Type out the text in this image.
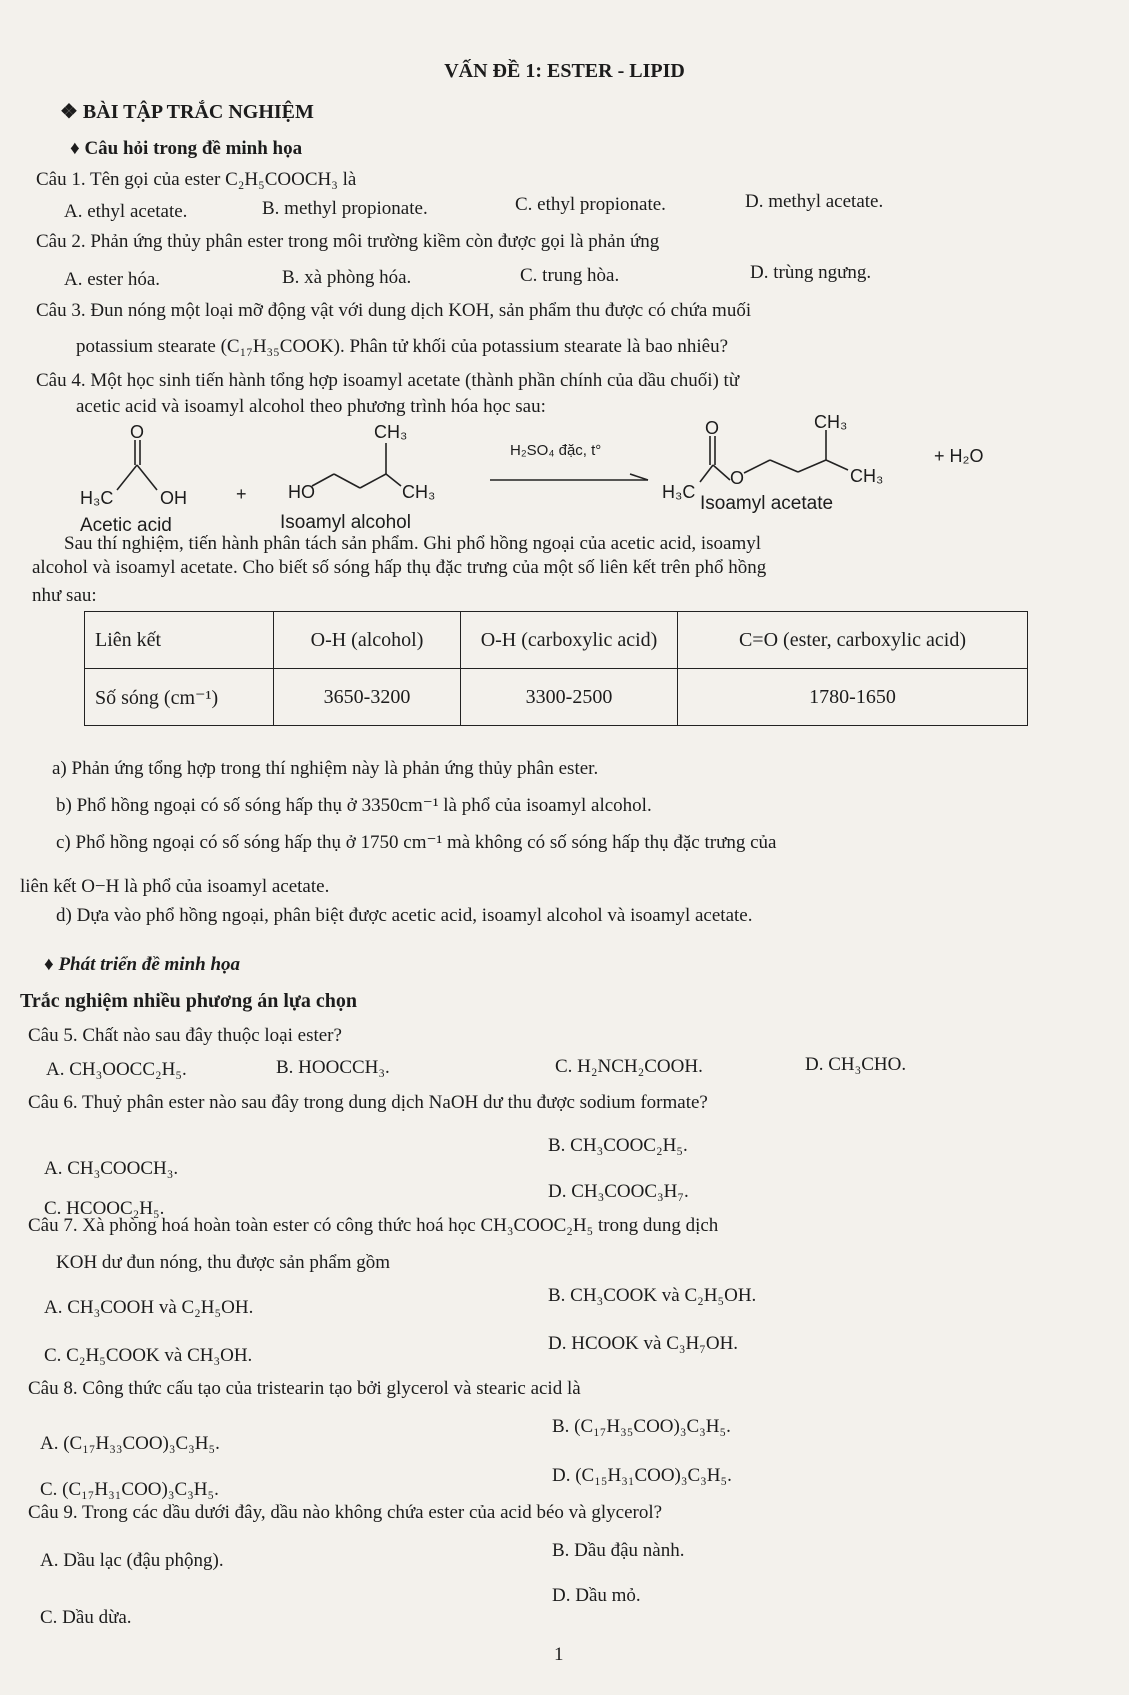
VẤN ĐỀ 1: ESTER - LIPID
❖ BÀI TẬP TRẮC NGHIỆM
♦ Câu hỏi trong đề minh họa
Câu 1. Tên gọi của ester C₂H₅COOCH₃ là
A. ethyl acetate.	B. methyl propionate.	C. ethyl propionate.	D. methyl acetate.
Câu 2. Phản ứng thủy phân ester trong môi trường kiềm còn được gọi là phản ứng
A. ester hóa.	B. xà phòng hóa.	C. trung hòa.	D. trùng ngưng.
Câu 3. Đun nóng một loại mỡ động vật với dung dịch KOH, sản phẩm thu được có chứa muối
potassium stearate (C₁₇H₃₅COOK). Phân tử khối của potassium stearate là bao nhiêu?
Câu 4. Một học sinh tiến hành tổng hợp isoamyl acetate (thành phần chính của dầu chuối) từ
acetic acid và isoamyl alcohol theo phương trình hóa học sau:
O
H₃C	OH	+ HO
CH₃
CH₃
H₂SO₄ đặc, t°
O
H₃C
O
CH₃
CH₃
+ H₂O
Acetic acid	Isoamyl alcohol
Isoamyl acetate
Sau thí nghiệm, tiến hành phân tách sản phẩm. Ghi phổ hồng ngoại của acetic acid, isoamyl
alcohol và isoamyl acetate. Cho biết số sóng hấp thụ đặc trưng của một số liên kết trên phổ hồng
như sau:
Liên kết	O-H (alcohol)	O-H (carboxylic acid)	C=O (ester, carboxylic acid)
Số sóng (cm⁻¹)	3650-3200	3300-2500	1780-1650
a) Phản ứng tổng hợp trong thí nghiệm này là phản ứng thủy phân ester.
b) Phổ hồng ngoại có số sóng hấp thụ ở 3350cm⁻¹ là phổ của isoamyl alcohol.
c) Phổ hồng ngoại có số sóng hấp thụ ở 1750 cm⁻¹ mà không có số sóng hấp thụ đặc trưng của
liên kết O−H là phổ của isoamyl acetate.
d) Dựa vào phổ hồng ngoại, phân biệt được acetic acid, isoamyl alcohol và isoamyl acetate.
♦ Phát triển đề minh họa
Trắc nghiệm nhiều phương án lựa chọn
Câu 5. Chất nào sau đây thuộc loại ester?
A. CH₃OOCC₂H₅.	B. HOOCCH₃.	C. H₂NCH₂COOH.	D. CH₃CHO.
Câu 6. Thuỷ phân ester nào sau đây trong dung dịch NaOH dư thu được sodium formate?
A. CH₃COOCH₃.
B. CH₃COOC₂H₅.
C. HCOOC₂H₅.
D. CH₃COOC₃H₇.
Câu 7. Xà phòng hoá hoàn toàn ester có công thức hoá học CH₃COOC₂H₅ trong dung dịch
KOH dư đun nóng, thu được sản phẩm gồm
A. CH₃COOH và C₂H₅OH.
B. CH₃COOK và C₂H₅OH.
C. C₂H₅COOK và CH₃OH.
D. HCOOK và C₃H₇OH.
Câu 8. Công thức cấu tạo của tristearin tạo bởi glycerol và stearic acid là
A. (C₁₇H₃₃COO)₃C₃H₅.
B. (C₁₇H₃₅COO)₃C₃H₅.
C. (C₁₇H₃₁COO)₃C₃H₅.
D. (C₁₅H₃₁COO)₃C₃H₅.
Câu 9. Trong các dầu dưới đây, dầu nào không chứa ester của acid béo và glycerol?
A. Dầu lạc (đậu phộng).	B. Dầu đậu nành.
C. Dầu dừa.
D. Dầu mỏ.
1
